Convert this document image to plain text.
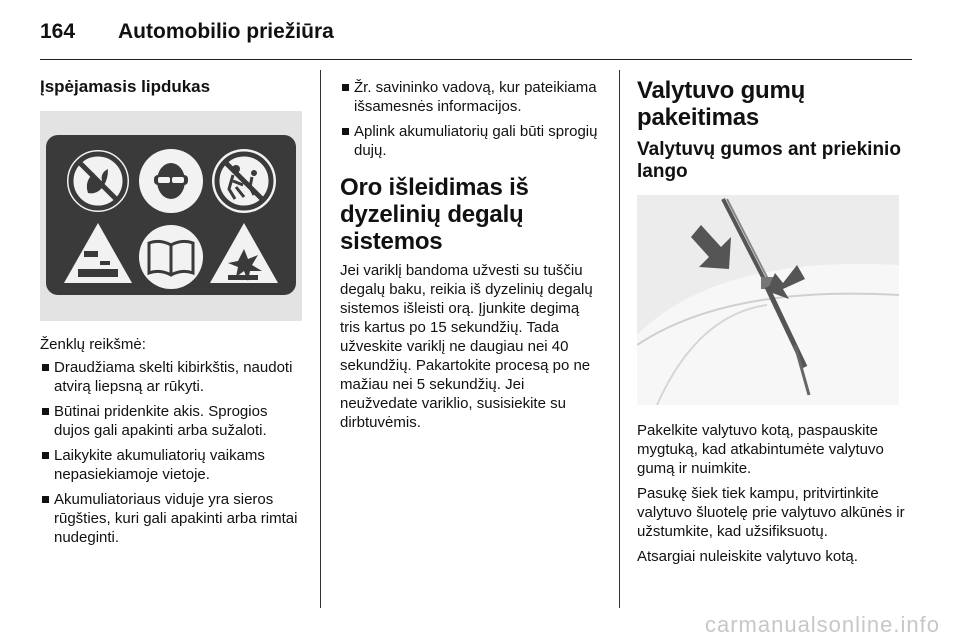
164 Automobilio priežiūra
Įspėjamasis lipdukas
Ženklų reikšmė:
Draudžiama skelti kibirkštis, naudoti atvirą liepsną ar rūkyti.
Būtinai pridenkite akis. Sprogios dujos gali apakinti arba sužaloti.
Laikykite akumuliatorių vaikams nepasiekiamoje vietoje.
Akumuliatoriaus viduje yra sieros rūgšties, kuri gali apakinti arba rimtai nudeginti.
Žr. savininko vadovą, kur pateikiama išsamesnės informacijos.
Aplink akumuliatorių gali būti sprogių dujų.
Oro išleidimas iš dyzelinių degalų sistemos
Jei variklį bandoma užvesti su tuščiu degalų baku, reikia iš dyzelinių degalų sistemos išleisti orą. Įjunkite degimą tris kartus po 15 sekundžių. Tada užveskite variklį ne daugiau nei 40 sekundžių. Pakartokite procesą po ne mažiau nei 5 sekundžių. Jei neužvedate variklio, susisiekite su dirbtuvėmis.
Valytuvo gumų pakeitimas
Valytuvų gumos ant priekinio lango
Pakelkite valytuvo kotą, paspauskite mygtuką, kad atkabintumėte valytuvo gumą ir nuimkite.
Pasukę šiek tiek kampu, pritvirtinkite valytuvo šluotelę prie valytuvo alkūnės ir užstumkite, kad užsifiksuotų.
Atsargiai nuleiskite valytuvo kotą.
carmanualsonline.info
